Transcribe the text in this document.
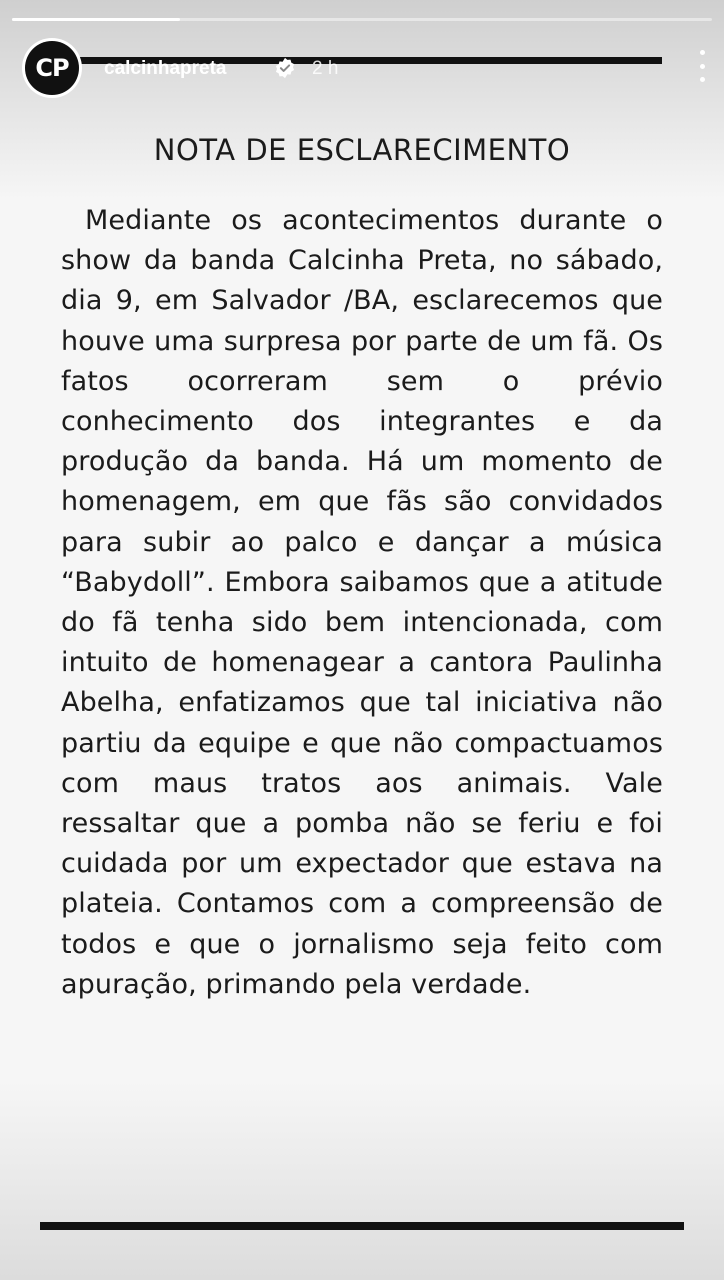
CP calcinhapreta	2 h
NOTA DE ESCLARECIMENTO
Mediante os acontecimentos durante o show da banda Calcinha Preta, no sábado, dia 9, em Salvador /BA, esclarecemos que houve uma surpresa por parte de um fã. Os fatos ocorreram sem o prévio conhecimento dos integrantes e da produção da banda. Há um momento de homenagem, em que fãs são convidados para subir ao palco e dançar a música “Babydoll”. Embora saibamos que a atitude do fã tenha sido bem intencionada, com intuito de homenagear a cantora Paulinha Abelha, enfatizamos que tal iniciativa não partiu da equipe e que não compactuamos com maus tratos aos animais. Vale ressaltar que a pomba não se feriu e foi cuidada por um expectador que estava na plateia. Contamos com a compreensão de todos e que o jornalismo seja feito com apuração, primando pela verdade.
